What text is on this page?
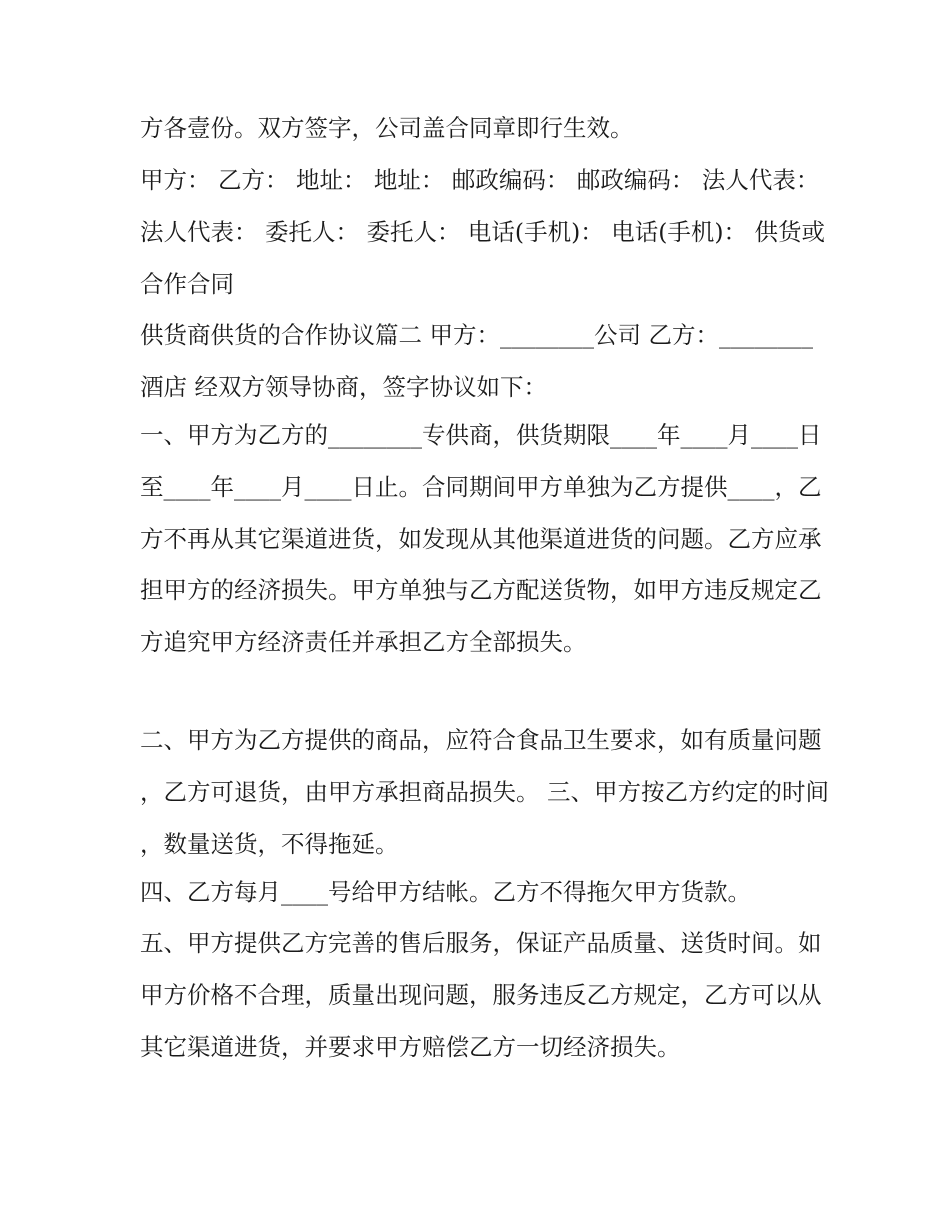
方各壹份。双方签字，公司盖合同章即行生效。

甲方： 乙方： 地址： 地址： 邮政编码： 邮政编码： 法人代表： 法人代表： 委托人： 委托人： 电话(手机)： 电话(手机)： 供货或合作合同

供货商供货的合作协议篇二 甲方：________公司 乙方：________酒店 经双方领导协商，签字协议如下：

一、甲方为乙方的________专供商，供货期限____年____月____日至____年____月____日止。合同期间甲方单独为乙方提供____，乙方不再从其它渠道进货，如发现从其他渠道进货的问题。乙方应承担甲方的经济损失。甲方单独与乙方配送货物，如甲方违反规定乙方追究甲方经济责任并承担乙方全部损失。

二、甲方为乙方提供的商品，应符合食品卫生要求，如有质量问题，乙方可退货，由甲方承担商品损失。 三、甲方按乙方约定的时间，数量送货，不得拖延。

四、乙方每月____号给甲方结帐。乙方不得拖欠甲方货款。

五、甲方提供乙方完善的售后服务，保证产品质量、送货时间。如甲方价格不合理，质量出现问题，服务违反乙方规定，乙方可以从其它渠道进货，并要求甲方赔偿乙方一切经济损失。
